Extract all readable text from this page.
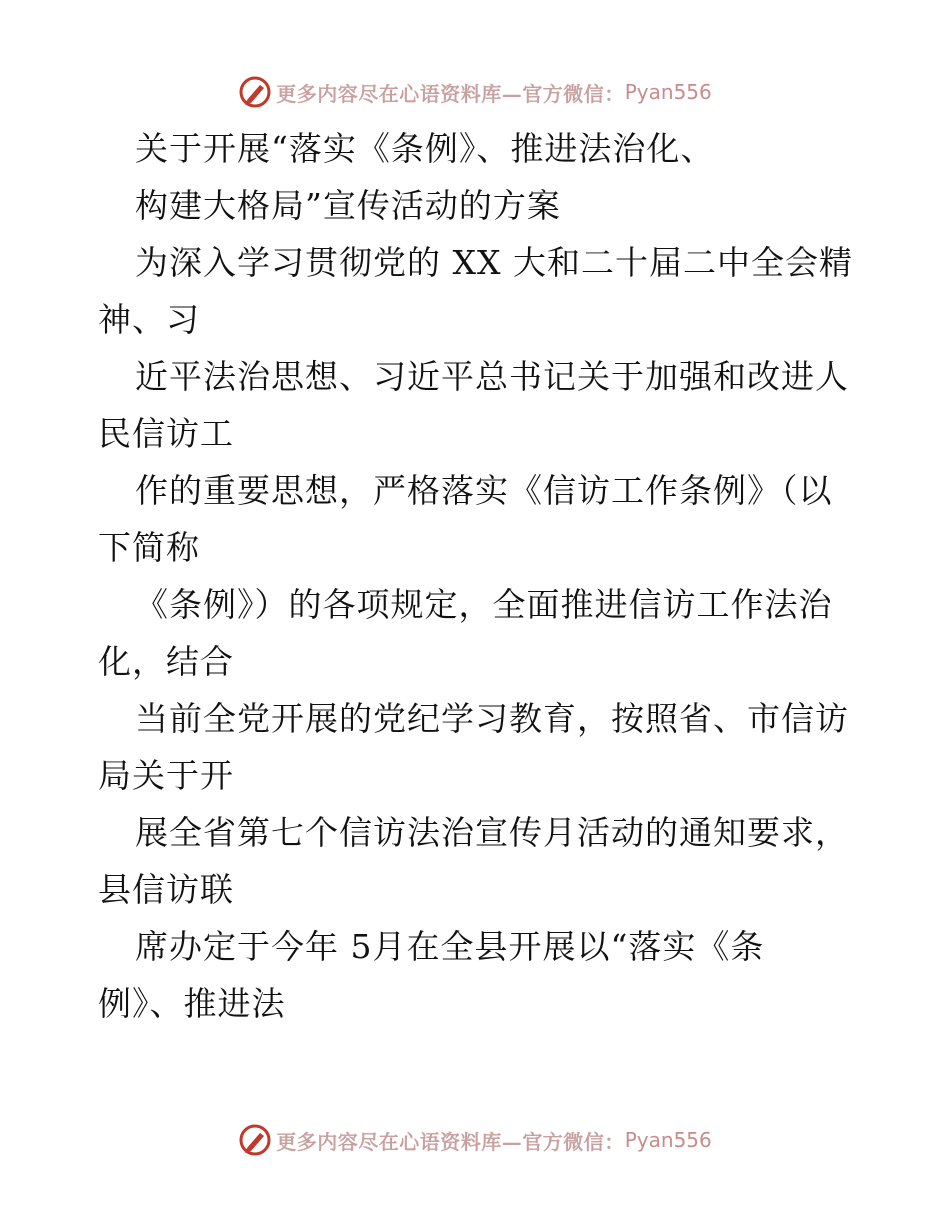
更多内容尽在心语资料库—官方微信： Pyan556
关于开展“落实《条例》、推进法治化、
构建大格局”宣传活动的方案
为深入学习贯彻党的 XX 大和二十届二中全会精
神、习
近平法治思想、习近平总书记关于加强和改进人
民信访工
作的重要思想，严格落实《信访工作条例》（以
下简称
《条例》）的各项规定，全面推进信访工作法治
化，结合
当前全党开展的党纪学习教育，按照省、市信访
局关于开
展全省第七个信访法治宣传月活动的通知要求，
县信访联
席办定于今年 5月在全县开展以“落实《条
例》、推进法
更多内容尽在心语资料库—官方微信： Pyan556
